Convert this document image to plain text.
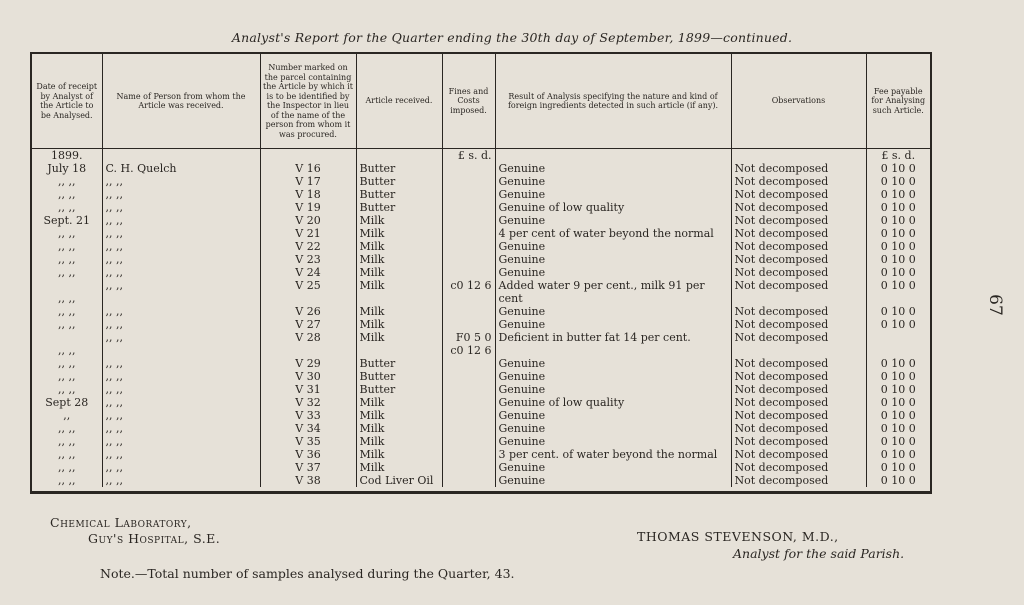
Analyst's Report for the Quarter ending the 30th day of September, 1899—continued.
Date of receipt by Analyst of the Article to be Analysed.	Name of Person from whom the Article was received.	Number marked on the parcel containing the Article by which it is to be identified by the Inspector in lieu of the name of the person from whom it was procured.	Article received.	Fines and Costs imposed.	Result of Analysis specifying the nature and kind of foreign ingredients detected in such article (if any).	Observations	Fee payable for Analysing such Article.
1899.				£ s. d.			£ s. d.
July 18	C. H. Quelch	V 16	Butter		Genuine	Not decomposed	0 10 0
,, ,,	,, ,,	V 17	Butter		Genuine	Not decomposed	0 10 0
,, ,,	,, ,,	V 18	Butter		Genuine	Not decomposed	0 10 0
,, ,,	,, ,,	V 19	Butter		Genuine of low quality	Not decomposed	0 10 0
Sept. 21	,, ,,	V 20	Milk		Genuine	Not decomposed	0 10 0
,, ,,	,, ,,	V 21	Milk		4 per cent of water beyond the normal	Not decomposed	0 10 0
,, ,,	,, ,,	V 22	Milk		Genuine	Not decomposed	0 10 0
,, ,,	,, ,,	V 23	Milk		Genuine	Not decomposed	0 10 0
,, ,,	,, ,,	V 24	Milk		Genuine	Not decomposed	0 10 0
	,, ,,	V 25	Milk	c0 12 6	Added water 9 per cent., milk 91 per	Not decomposed	0 10 0
,, ,,					cent		
,, ,,	,, ,,	V 26	Milk		Genuine	Not decomposed	0 10 0
,, ,,	,, ,,	V 27	Milk		Genuine	Not decomposed	0 10 0
	,, ,,	V 28	Milk	F0 5 0	Deficient in butter fat 14 per cent.	Not decomposed	
,, ,,				c0 12 6			
,, ,,	,, ,,	V 29	Butter		Genuine	Not decomposed	0 10 0
,, ,,	,, ,,	V 30	Butter		Genuine	Not decomposed	0 10 0
,, ,,	,, ,,	V 31	Butter		Genuine	Not decomposed	0 10 0
Sept 28	,, ,,	V 32	Milk		Genuine of low quality	Not decomposed	0 10 0
,,	,, ,,	V 33	Milk		Genuine	Not decomposed	0 10 0
,, ,,	,, ,,	V 34	Milk		Genuine	Not decomposed	0 10 0
,, ,,	,, ,,	V 35	Milk		Genuine	Not decomposed	0 10 0
,, ,,	,, ,,	V 36	Milk		3 per cent. of water beyond the normal	Not decomposed	0 10 0
,, ,,	,, ,,	V 37	Milk		Genuine	Not decomposed	0 10 0
,, ,,	,, ,,	V 38	Cod Liver Oil		Genuine	Not decomposed	0 10 0
Chemical Laboratory,
Guy's Hospital, S.E.	THOMAS STEVENSON, M.D.,
Analyst for the said Parish.
Note.—Total number of samples analysed during the Quarter, 43.
67
